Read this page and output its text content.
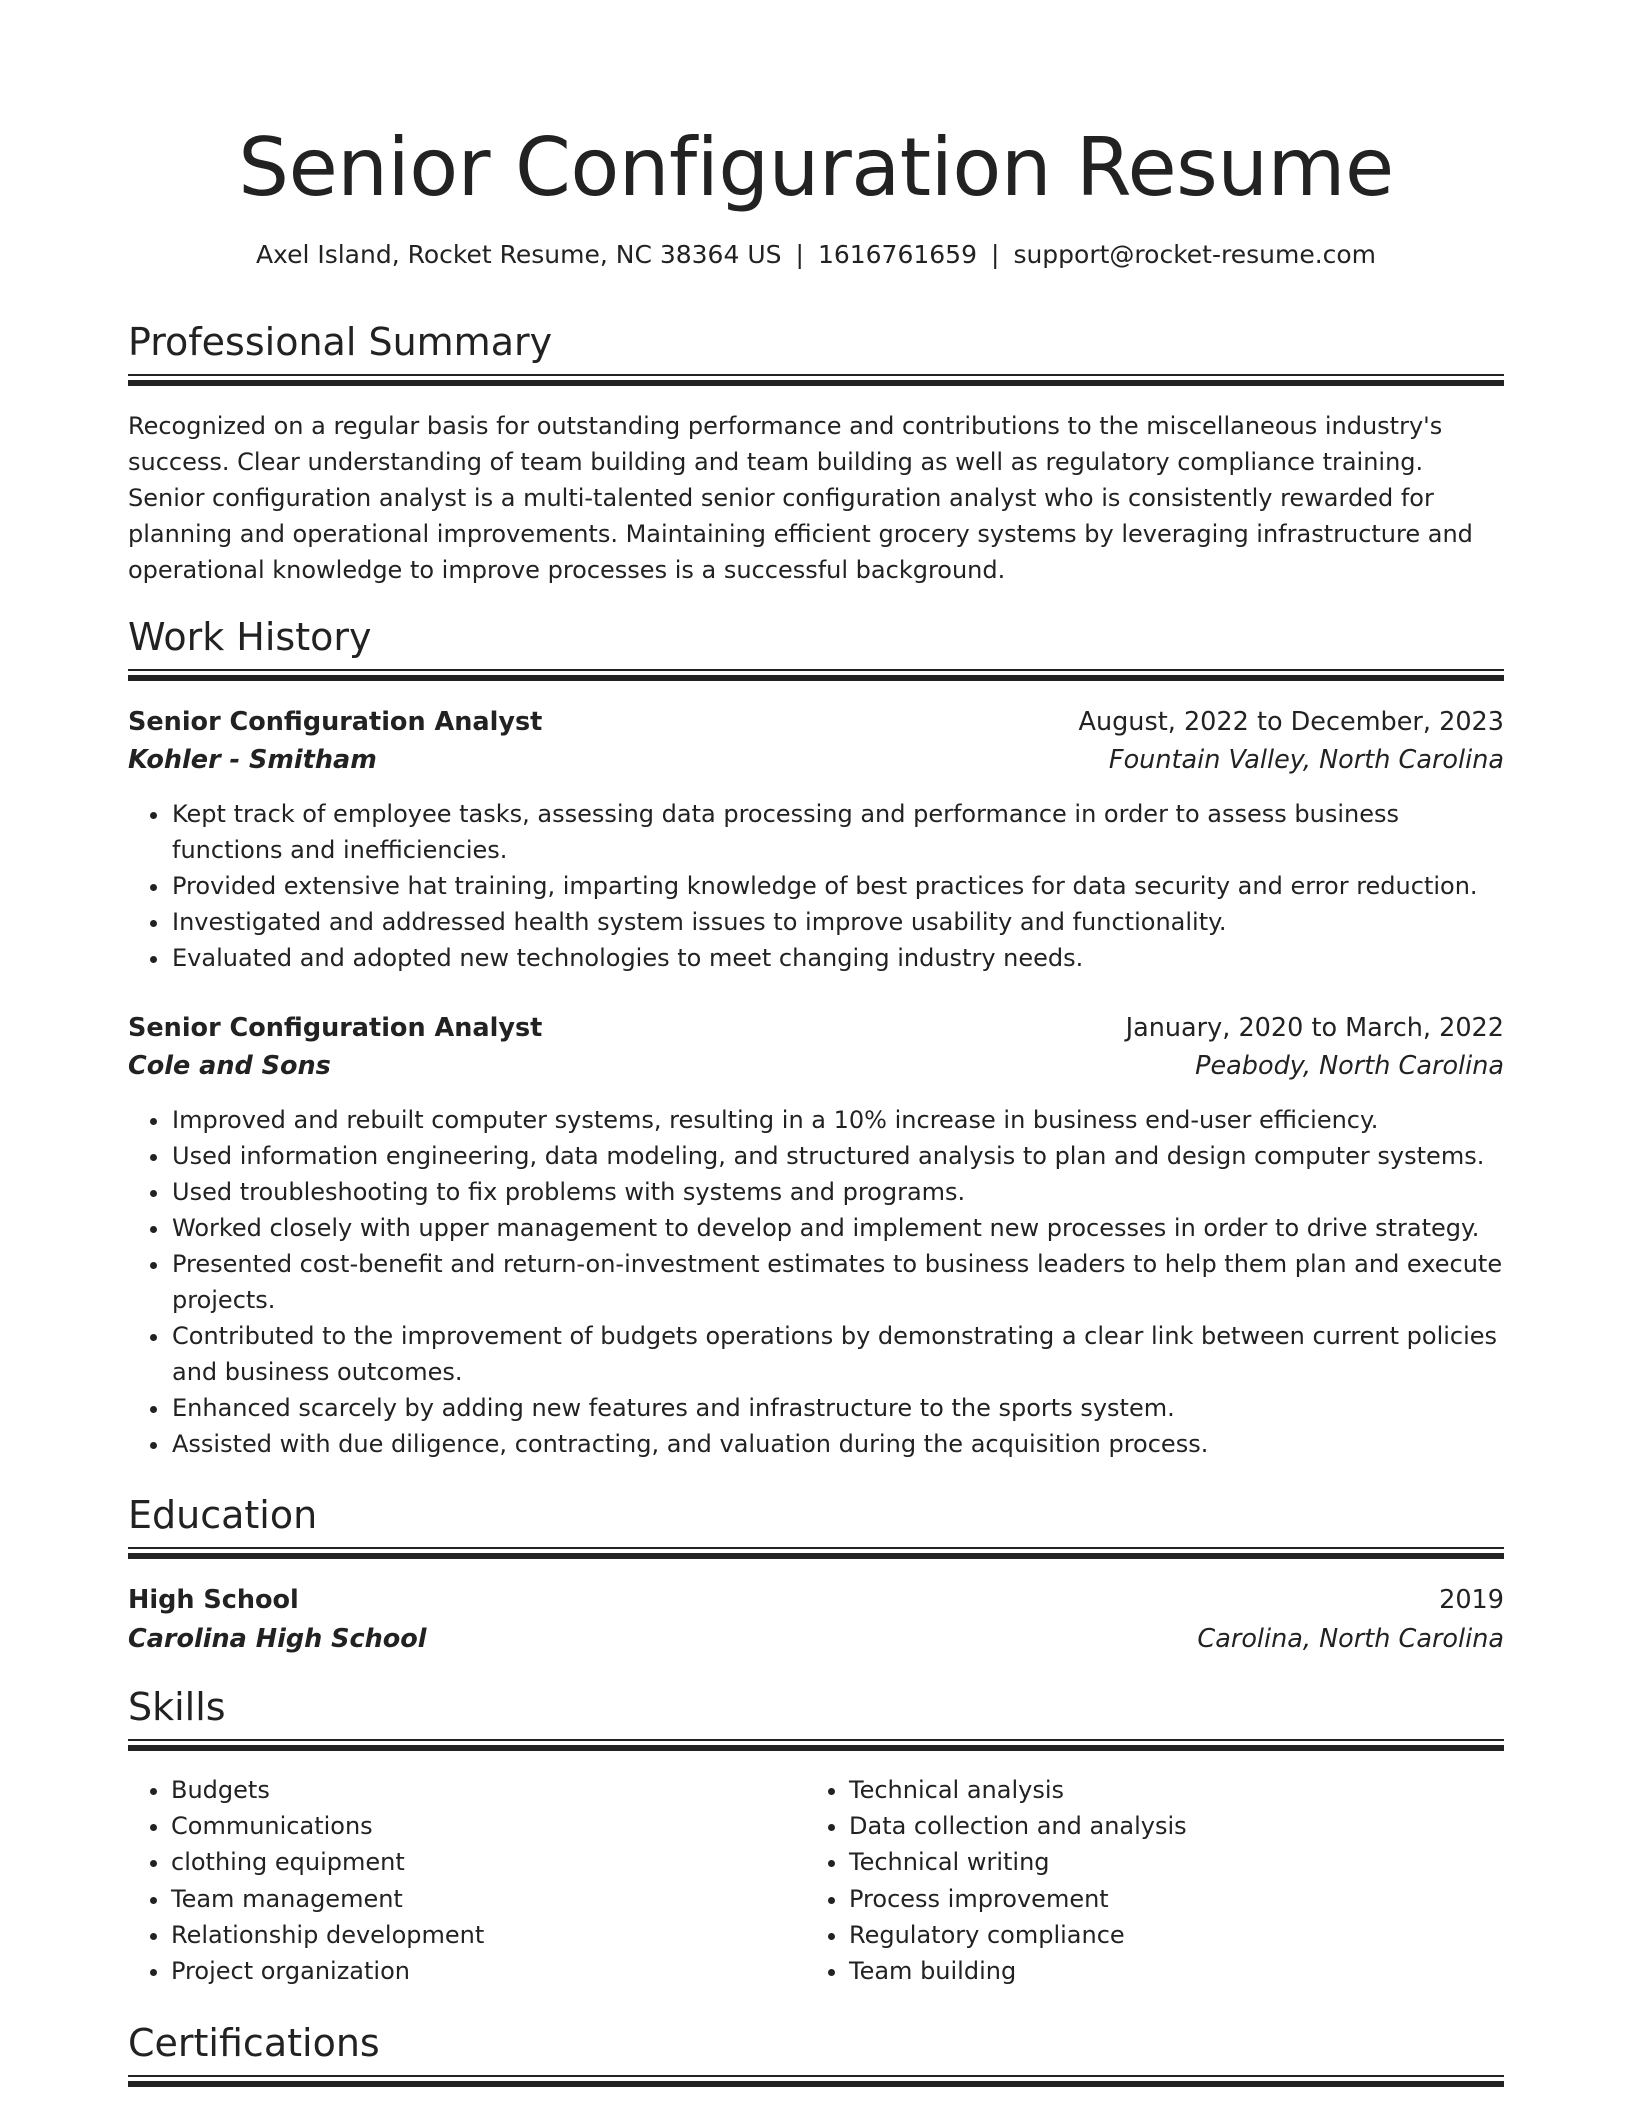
Senior Configuration Resume
Axel Island, Rocket Resume, NC 38364 US | 1616761659 | support@rocket-resume.com
Professional Summary

Recognized on a regular basis for outstanding performance and contributions to the miscellaneous industry's success. Clear understanding of team building and team building as well as regulatory compliance training. Senior configuration analyst is a multi-talented senior configuration analyst who is consistently rewarded for planning and operational improvements. Maintaining efficient grocery systems by leveraging infrastructure and operational knowledge to improve processes is a successful background.

Work History
Senior Configuration Analyst	August, 2022 to December, 2023
Kohler - Smitham	Fountain Valley, North Carolina
• Kept track of employee tasks, assessing data processing and performance in order to assess business functions and inefficiencies.
• Provided extensive hat training, imparting knowledge of best practices for data security and error reduction.
• Investigated and addressed health system issues to improve usability and functionality.
• Evaluated and adopted new technologies to meet changing industry needs.
Senior Configuration Analyst	January, 2020 to March, 2022
Cole and Sons	Peabody, North Carolina
• Improved and rebuilt computer systems, resulting in a 10% increase in business end-user efficiency.
• Used information engineering, data modeling, and structured analysis to plan and design computer systems.
• Used troubleshooting to fix problems with systems and programs.
• Worked closely with upper management to develop and implement new processes in order to drive strategy.
• Presented cost-benefit and return-on-investment estimates to business leaders to help them plan and execute projects.
• Contributed to the improvement of budgets operations by demonstrating a clear link between current policies and business outcomes.
• Enhanced scarcely by adding new features and infrastructure to the sports system.
• Assisted with due diligence, contracting, and valuation during the acquisition process.
Education
High School	2019
Carolina High School	Carolina, North Carolina
Skills
• Budgets
• Communications
• clothing equipment
• Team management
• Relationship development
• Project organization
• Technical analysis
• Data collection and analysis
• Technical writing
• Process improvement
• Regulatory compliance
• Team building
Certifications
